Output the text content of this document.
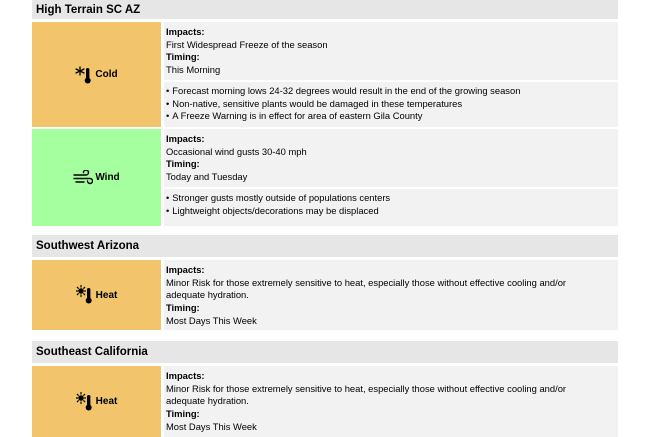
High Terrain SC AZ
Cold
Impacts:
First Widespread Freeze of the season
Timing:
This Morning
• Forecast morning lows 24-32 degrees would result in the end of the growing season
• Non-native, sensitive plants would be damaged in these temperatures
• A Freeze Warning is in effect for area of eastern Gila County
Wind
Impacts:
Occasional wind gusts 30-40 mph
Timing:
Today and Tuesday
• Stronger gusts mostly outside of populations centers
• Lightweight objects/decorations may be displaced
Southwest Arizona
Heat
Impacts:
Minor Risk for those extremely sensitive to heat, especially those without effective cooling and/or
adequate hydration.
Timing:
Most Days This Week
Southeast California
Heat
Impacts:
Minor Risk for those extremely sensitive to heat, especially those without effective cooling and/or
adequate hydration.
Timing:
Most Days This Week
